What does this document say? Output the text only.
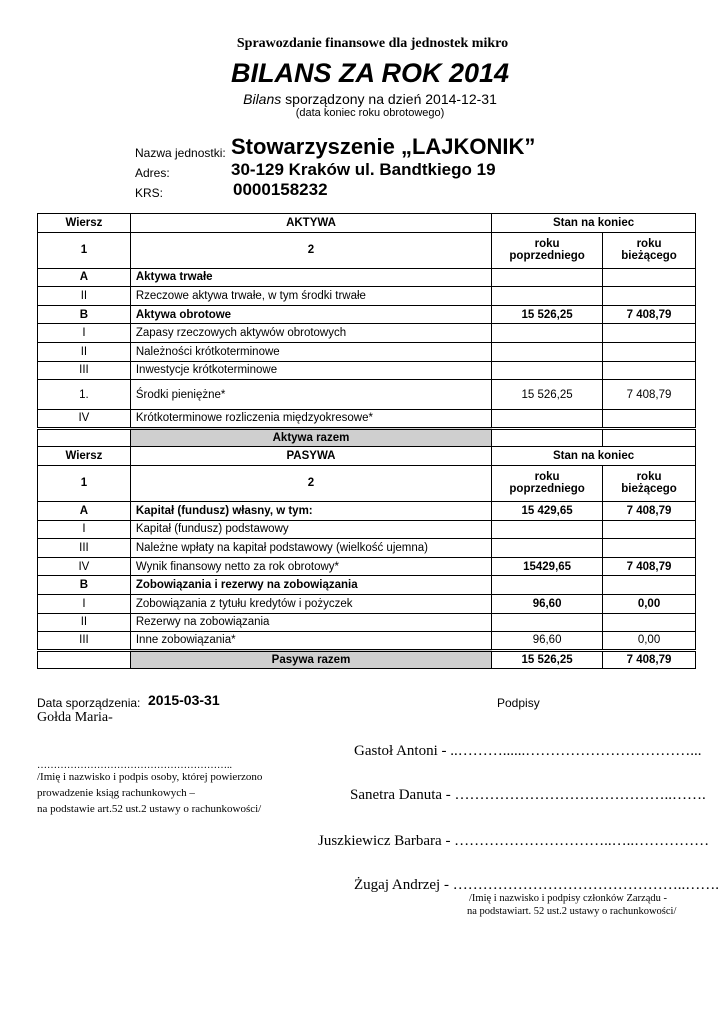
Sprawozdanie finansowe dla jednostek mikro
BILANS ZA ROK 2014
Bilans sporządzony na dzień 2014-12-31
(data koniec roku obrotowego)
Nazwa jednostki: Stowarzyszenie „LAJKONIK”
Adres:	30-129 Kraków ul. Bandtkiego 19
KRS:	0000158232
Wiersz	AKTYWA	Stan na koniec	
1	2	roku poprzedniego	roku bieżącego
A	Aktywa trwałe		
II	Rzeczowe aktywa trwałe, w tym środki trwałe		
B	Aktywa obrotowe	15 526,25	7 408,79
I	Zapasy rzeczowych aktywów obrotowych		
II	Należności krótkoterminowe		
III	Inwestycje krótkoterminowe		
1.	Środki pieniężne*	15 526,25	7 408,79
IV	Krótkoterminowe rozliczenia międzyokresowe*		
	Aktywa razem		
Wiersz	PASYWA	Stan na koniec	
1	2	roku poprzedniego	roku bieżącego
A	Kapitał (fundusz) własny, w tym:	15 429,65	7 408,79
I	Kapitał (fundusz) podstawowy		
III	Należne wpłaty na kapitał podstawowy (wielkość ujemna)		
IV	Wynik finansowy netto za rok obrotowy*	15429,65	7 408,79
B	Zobowiązania i rezerwy na zobowiązania		
I	Zobowiązania z tytułu kredytów i pożyczek	96,60	0,00
II	Rezerwy na zobowiązania		
III	Inne zobowiązania*	96,60	0,00
	Pasywa razem	15 526,25	7 408,79
Data sporządzenia: 2015-03-31
Gołda Maria-
Podpisy
…………………………………………………..
/Imię i nazwisko i podpis osoby, której powierzono
prowadzenie ksiąg rachunkowych –
na podstawie art.52 ust.2 ustawy o rachunkowości/
Gastoł Antoni - ..………......……………………………...
Sanetra Danuta - ……………………………………..…….
Juszkiewicz Barbara - …………………………..…..……………
Żugaj Andrzej - ………………………………………..…….
/Imię i nazwisko i podpisy członków Zarządu -
na podstawiart. 52 ust.2 ustawy o rachunkowości/
